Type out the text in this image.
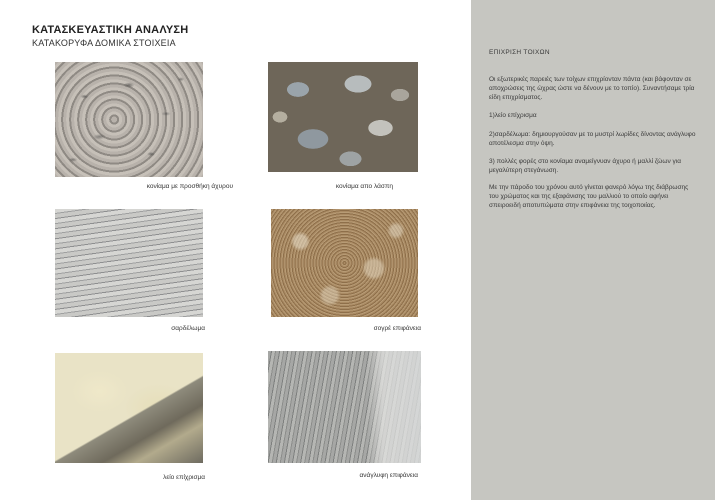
ΚΑΤΑΣΚΕΥΑΣΤΙΚΗ ΑΝΑΛΥΣΗ
ΚΑΤΑΚΟΡΥΦΑ ΔΟΜΙΚΑ ΣΤΟΙΧΕΙΑ
κονίαμα με προσθήκη άχυρου	κονίαμα απο λάσπη
σαρδέλωμα	σογρέ επιφάνεια
λείο επίχρισμα	ανάγλυφη επιφάνεια
ΕΠΙΧΡΙΣΗ ΤΟΙΧΩΝ
Οι εξωτερικές παρειές των τοίχων επιχρίονταν πάντα (και βάφονταν σε αποχρώσεις της ώχρας ώστε να δένουν με το τοπίο). Συναντήσαμε τρία είδη επιχρίσματος.
1)λείο επίχρισμα
2)σαρδέλωμα: δημιουργούσαν με το μυστρί λωρίδες δίνοντας ανάγλυφο αποτέλεσμα στην όψη.
3) πολλές φορές στο κονίαμα αναμείγνυαν άχυρο ή μαλλί ζώων για μεγαλύτερη στεγάνωση.
Με την πάροδο του χρόνου αυτό γίνεται φανερό λόγω της διάβρωσης του χρώματος και της εξαφάνισης του μαλλιού το οποίο αφήνει σπειροειδή αποτυπώματα στην επιφάνεια της τοιχοποιίας.
